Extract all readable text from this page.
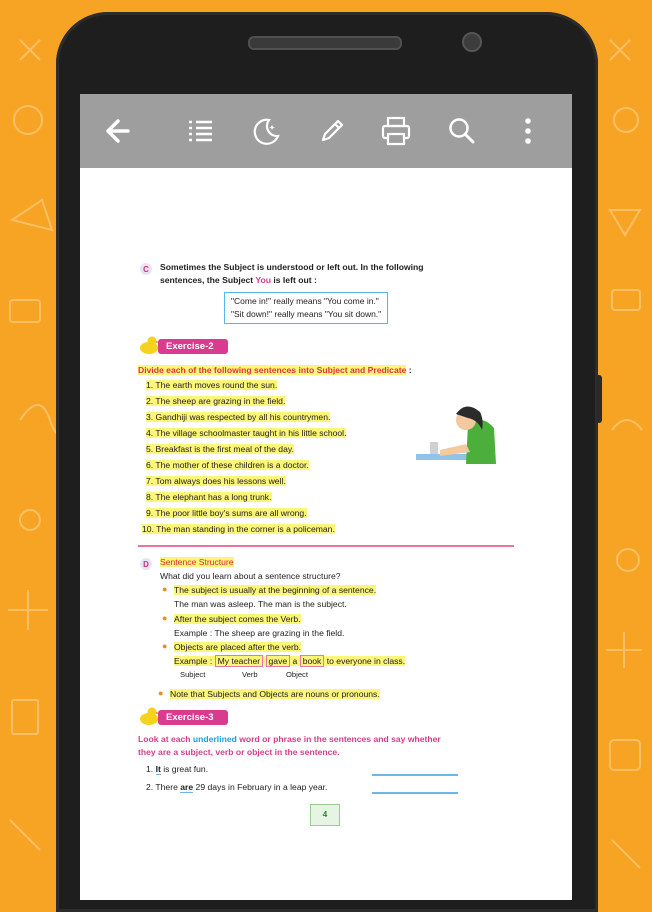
C	Sometimes the Subject is understood or left out. In the following
sentences, the Subject You is left out :
"Come in!" really means "You come in."
"Sit down!" really means "You sit down."
Exercise-2
Divide each of the following sentences into Subject and Predicate :
1. The earth moves round the sun.
2. The sheep are grazing in the field.
3. Gandhiji was respected by all his countrymen.
4. The village schoolmaster taught in his little school.
5. Breakfast is the first meal of the day.
6. The mother of these children is a doctor.
7. Tom always does his lessons well.
8. The elephant has a long trunk.
9. The poor little boy's sums are all wrong.
10. The man standing in the corner is a policeman.
D	Sentence Structure
What did you learn about a sentence structure?
● The subject is usually at the beginning of a sentence.
The man was asleep. The man is the subject.
● After the subject comes the Verb.
Example : The sheep are grazing in the field.
● Objects are placed after the verb.
Example : My teacher gave a book to everyone in class.
Subject	Verb	Object
● Note that Subjects and Objects are nouns or pronouns.
Exercise-3
Look at each underlined word or phrase in the sentences and say whether
they are a subject, verb or object in the sentence.
1. It is great fun.
2. There are 29 days in February in a leap year.
4
